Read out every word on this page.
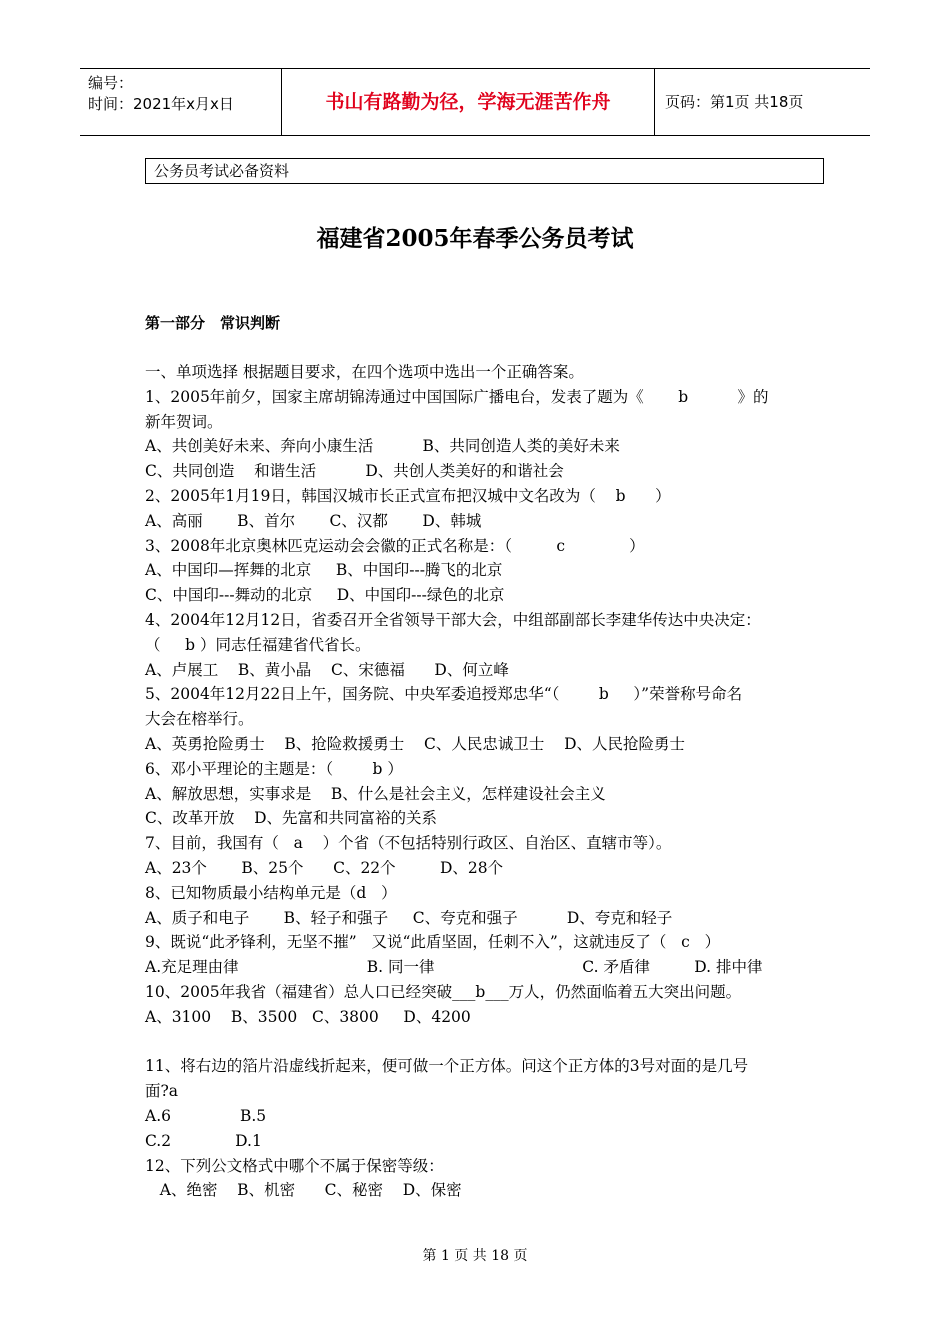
编号：
时间：2021年x月x日	书山有路勤为径，学海无涯苦作舟	页码：第1页 共18页
公务员考试必备资料
福建省2005年春季公务员考试
第一部分　常识判断
一、单项选择 根据题目要求，在四个选项中选出一个正确答案。
1、2005年前夕，国家主席胡锦涛通过中国国际广播电台，发表了题为《       b          》的
新年贺词。
A、共创美好未来、奔向小康生活          B、共同创造人类的美好未来
C、共同创造    和谐生活          D、共创人类美好的和谐社会
2、2005年1月19日，韩国汉城市长正式宣布把汉城中文名改为（    b      ）
A、高丽       B、首尔       C、汉都       D、韩城
3、2008年北京奥林匹克运动会会徽的正式名称是：（         c             ）
A、中国印—挥舞的北京     B、中国印---腾飞的北京
C、中国印---舞动的北京     D、中国印---绿色的北京
4、2004年12月12日，省委召开全省领导干部大会，中组部副部长李建华传达中央决定：
（     b ）同志任福建省代省长。
A、卢展工    B、黄小晶    C、宋德福      D、何立峰
5、2004年12月22日上午，国务院、中央军委追授郑忠华“（        b     ）”荣誉称号命名
大会在榕举行。
A、英勇抢险勇士    B、抢险救援勇士    C、人民忠诚卫士    D、人民抢险勇士
6、邓小平理论的主题是：（        b ）
A、解放思想，实事求是    B、什么是社会主义，怎样建设社会主义
C、改革开放    D、先富和共同富裕的关系
7、目前，我国有（   a    ）个省（不包括特别行政区、自治区、直辖市等）。
A、23个       B、25个      C、22个         D、28个
8、已知物质最小结构单元是（d   ）
A、质子和电子       B、轻子和强子     C、夸克和强子          D、夸克和轻子
9、既说“此矛锋利，无坚不摧”   又说“此盾坚固，任刺不入”，这就违反了（   c   ）
A.充足理由律                          B. 同一律                              C. 矛盾律         D. 排中律
10、2005年我省（福建省）总人口已经突破___b___万人，仍然面临着五大突出问题。
A、3100    B、3500   C、3800     D、4200
11、将右边的箔片沿虚线折起来，便可做一个正方体。问这个正方体的3号对面的是几号
面?a
A.6              B.5
C.2             D.1
12、下列公文格式中哪个不属于保密等级：
A、绝密    B、机密      C、秘密    D、保密
第 1 页 共 18 页
